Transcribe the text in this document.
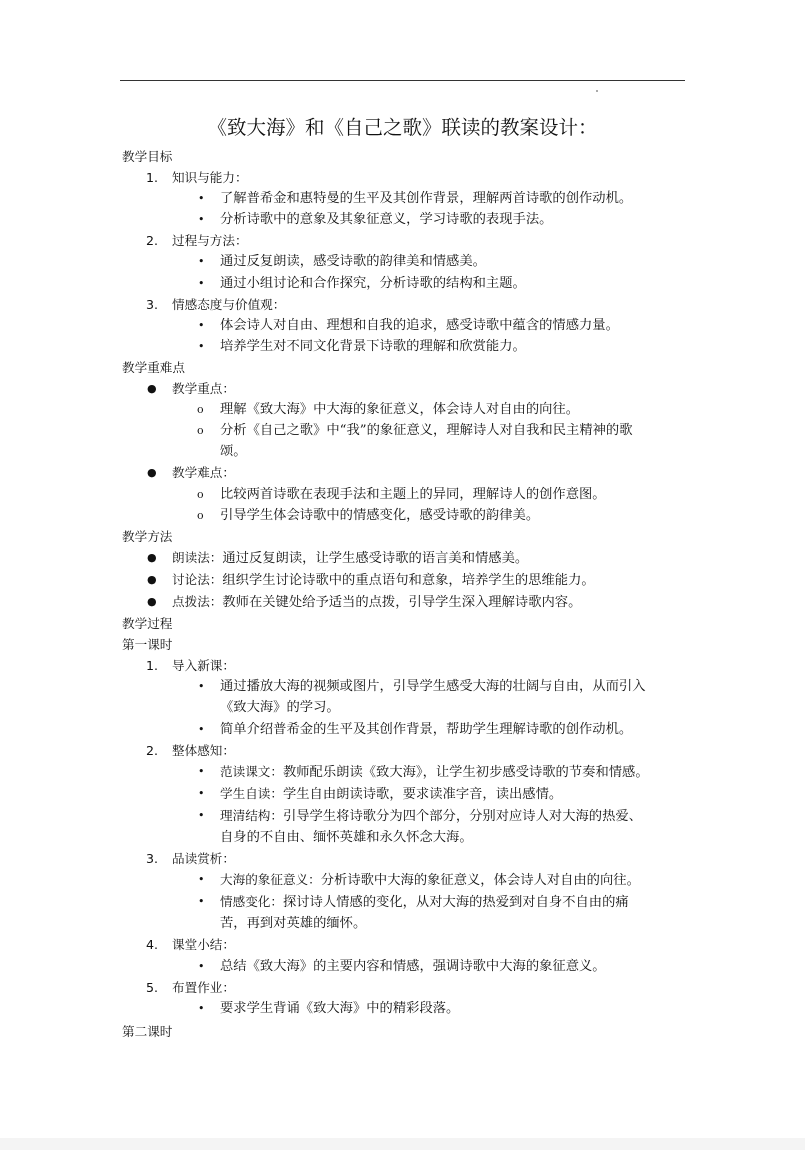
《致大海》和《自己之歌》联读的教案设计：
教学目标
1. 知识与能力：
• 了解普希金和惠特曼的生平及其创作背景，理解两首诗歌的创作动机。
• 分析诗歌中的意象及其象征意义，学习诗歌的表现手法。
2. 过程与方法：
• 通过反复朗读，感受诗歌的韵律美和情感美。
• 通过小组讨论和合作探究，分析诗歌的结构和主题。
3. 情感态度与价值观：
• 体会诗人对自由、理想和自我的追求，感受诗歌中蕴含的情感力量。
• 培养学生对不同文化背景下诗歌的理解和欣赏能力。
教学重难点
● 教学重点：
o 理解《致大海》中大海的象征意义，体会诗人对自由的向往。
o 分析《自己之歌》中“我”的象征意义，理解诗人对自我和民主精神的歌
颂。
● 教学难点：
o 比较两首诗歌在表现手法和主题上的异同，理解诗人的创作意图。
o 引导学生体会诗歌中的情感变化，感受诗歌的韵律美。
教学方法
● 朗读法：通过反复朗读，让学生感受诗歌的语言美和情感美。
● 讨论法：组织学生讨论诗歌中的重点语句和意象，培养学生的思维能力。
● 点拨法：教师在关键处给予适当的点拨，引导学生深入理解诗歌内容。
教学过程
第一课时
1. 导入新课：
• 通过播放大海的视频或图片，引导学生感受大海的壮阔与自由，从而引入
《致大海》的学习。
• 简单介绍普希金的生平及其创作背景，帮助学生理解诗歌的创作动机。
2. 整体感知：
• 范读课文：教师配乐朗读《致大海》，让学生初步感受诗歌的节奏和情感。
• 学生自读：学生自由朗读诗歌，要求读准字音，读出感情。
• 理清结构：引导学生将诗歌分为四个部分，分别对应诗人对大海的热爱、
自身的不自由、缅怀英雄和永久怀念大海。
3. 品读赏析：
• 大海的象征意义：分析诗歌中大海的象征意义，体会诗人对自由的向往。
• 情感变化：探讨诗人情感的变化，从对大海的热爱到对自身不自由的痛
苦，再到对英雄的缅怀。
4. 课堂小结：
• 总结《致大海》的主要内容和情感，强调诗歌中大海的象征意义。
5. 布置作业：
• 要求学生背诵《致大海》中的精彩段落。
第二课时
